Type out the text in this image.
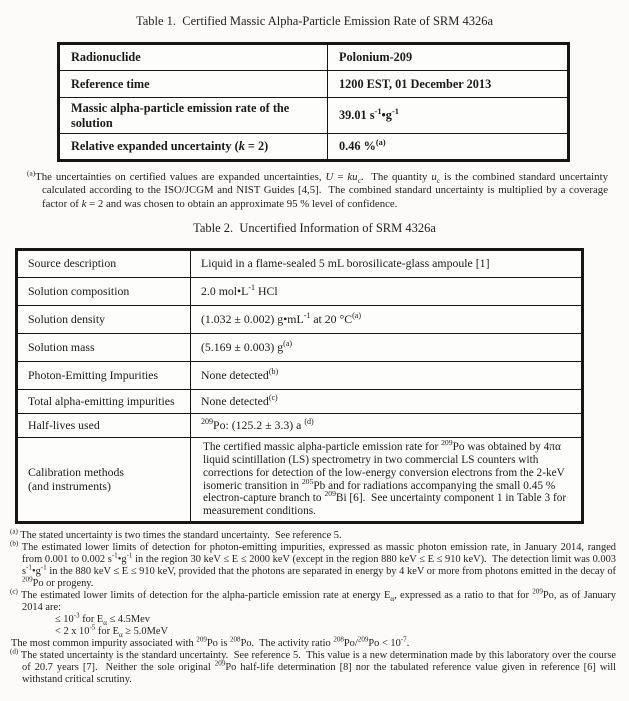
Table 1.  Certified Massic Alpha-Particle Emission Rate of SRM 4326a
Radionuclide	Polonium-209
Reference time	1200 EST, 01 December 2013
Massic alpha-particle emission rate of the solution	39.01 $s^{-1}•g^{-1}$
Relative expanded uncertainty (k = 2)	0.46 %$^{(a)}$
$^{(a)}$The uncertainties on certified values are expanded uncertainties, $U = ku_c$.  The quantity $u_c$ is the combined standard uncertainty calculated according to the ISO/JCGM and NIST Guides [4,5].  The combined standard uncertainty is multiplied by a coverage factor of k = 2 and was chosen to obtain an approximate 95 % level of confidence.
Table 2.  Uncertified Information of SRM 4326a
Source description	Liquid in a flame-sealed 5 mL borosilicate-glass ampoule [1]
Solution composition	2.0 $mol•L^{-1}$ HCl
Solution density	(1.032 ± 0.002) $g•mL^{-1}$ at 20 $^\circ C^{(a)}$
Solution mass	(5.169 ± 0.003) $g^{(a)}$
Photon-Emitting Impurities	None detected$^{(b)}$
Total alpha-emitting impurities	None detected$^{(c)}$
Half-lives used	$^{209}$Po: (125.2 ± 3.3) a $^{(d)}$
Calibration methods
(and instruments)	The certified massic alpha-particle emission rate for $^{209}$Po was obtained by 4πα liquid scintillation (LS) spectrometry in two commercial LS counters with corrections for detection of the low-energy conversion electrons from the 2-keV isomeric transition in $^{205}$Pb and for radiations accompanying the small 0.45 % electron-capture branch to $^{209}$Bi [6].  See uncertainty component 1 in Table 3 for measurement conditions.
$^{(a)}$ The stated uncertainty is two times the standard uncertainty.  See reference 5.
$^{(b)}$ The estimated lower limits of detection for photon-emitting impurities, expressed as massic photon emission rate, in January 2014, ranged from 0.001 to 0.002 $s^{-1}•g^{-1}$ in the region 30 keV ≤ E ≤ 2000 keV (except in the region 880 keV ≤ E ≤ 910 keV).  The detection limit was 0.003 $s^{-1}•g^{-1}$ in the 880 keV ≤ E ≤ 910 keV, provided that the photons are separated in energy by 4 keV or more from photons emitted in the decay of $^{209}$Po or progeny.
$^{(c)}$ The estimated lower limits of detection for the alpha-particle emission rate at energy $E_\alpha$, expressed as a ratio to that for $^{209}$Po, as of January 2014 are:
≤ $10^{-3}$ for $E_\alpha \le 4.5Mev$
< 2 x $10^{-5}$ for $E_\alpha \ge 5.0MeV$
The most common impurity associated with $^{209}$Po is $^{208}$Po.  The activity ratio $^{208}Po/^{209}Po < 10^{-7}$.
$^{(d)}$ The stated uncertainty is the standard uncertainty.  See reference 5.  This value is a new determination made by this laboratory over the course of 20.7 years [7].  Neither the sole original $^{209}$Po half-life determination [8] nor the tabulated reference value given in reference [6] will withstand critical scrutiny.
